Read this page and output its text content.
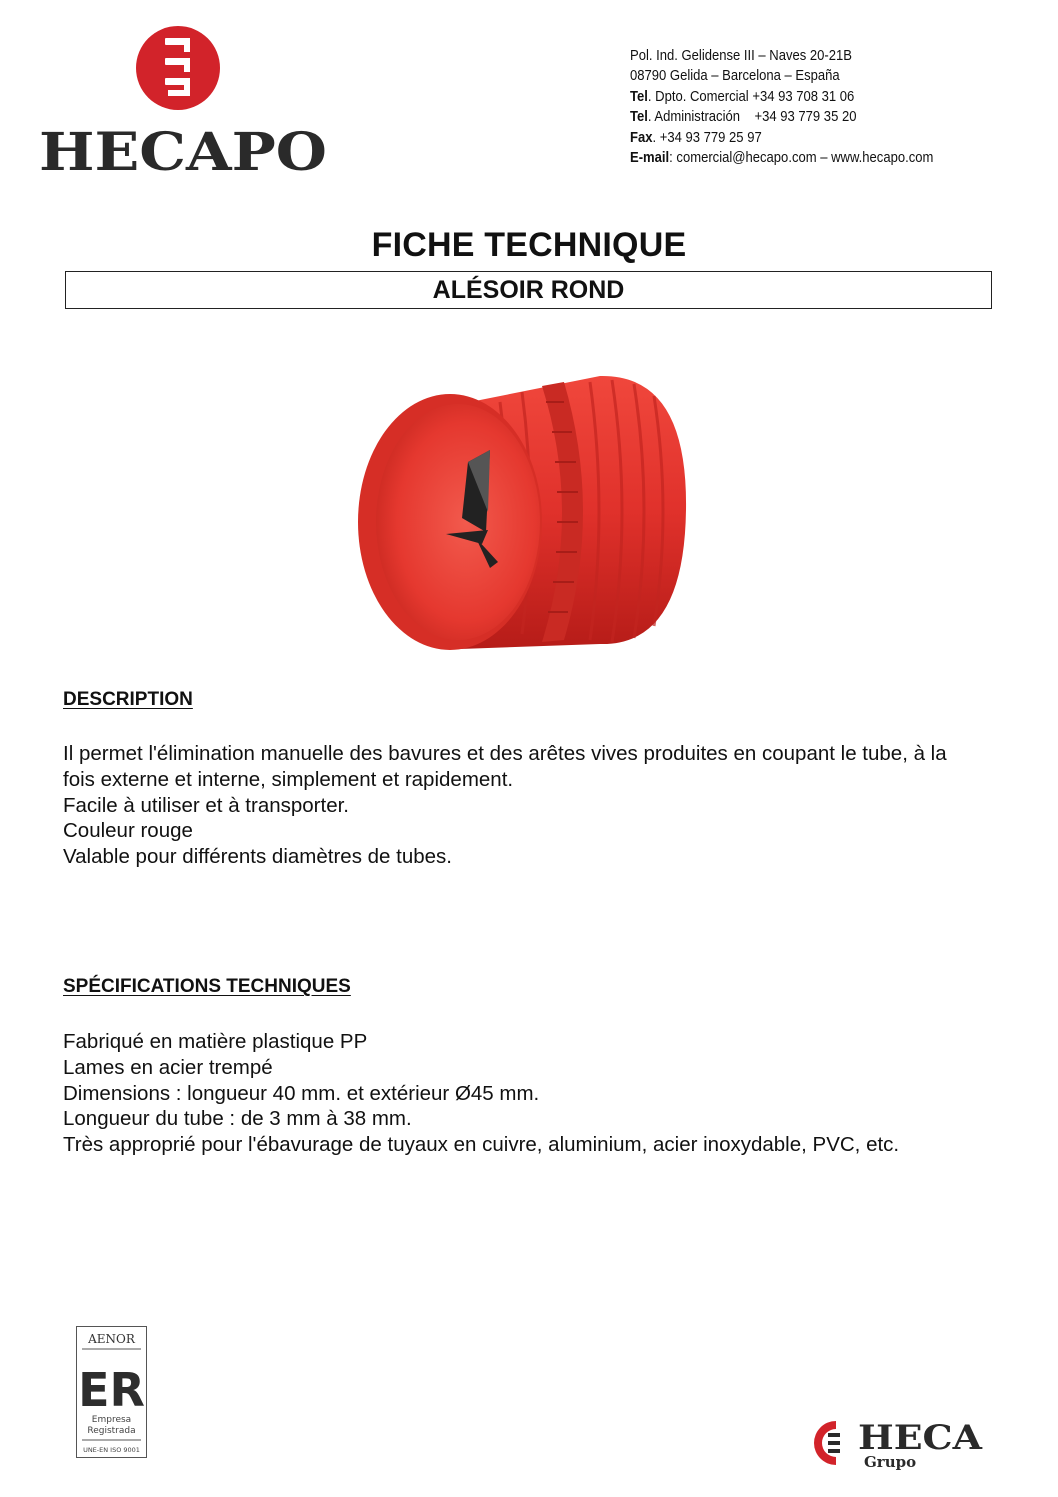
HECAPO
Pol. Ind. Gelidense III – Naves 20-21B
08790 Gelida – Barcelona – España
Tel. Dpto. Comercial +34 93 708 31 06
Tel. Administración    +34 93 779 35 20
Fax. +34 93 779 25 97
E-mail: comercial@hecapo.com – www.hecapo.com
FICHE TECHNIQUE
ALÉSOIR ROND
DESCRIPTION

Il permet l'élimination manuelle des bavures et des arêtes vives produites en coupant le tube, à la fois externe et interne, simplement et rapidement.

Facile à utiliser et à transporter.

Couleur rouge

Valable pour différents diamètres de tubes.

SPÉCIFICATIONS TECHNIQUES

Fabriqué en matière plastique PP

Lames en acier trempé

Dimensions : longueur 40 mm. et extérieur Ø45 mm.

Longueur du tube : de 3 mm à 38 mm.

Très approprié pour l'ébavurage de tuyaux en cuivre, aluminium, acier inoxydable, PVC, etc.

AENOR
ER
Empresa
Registrada
UNE-EN ISO 9001	HECA
Grupo
